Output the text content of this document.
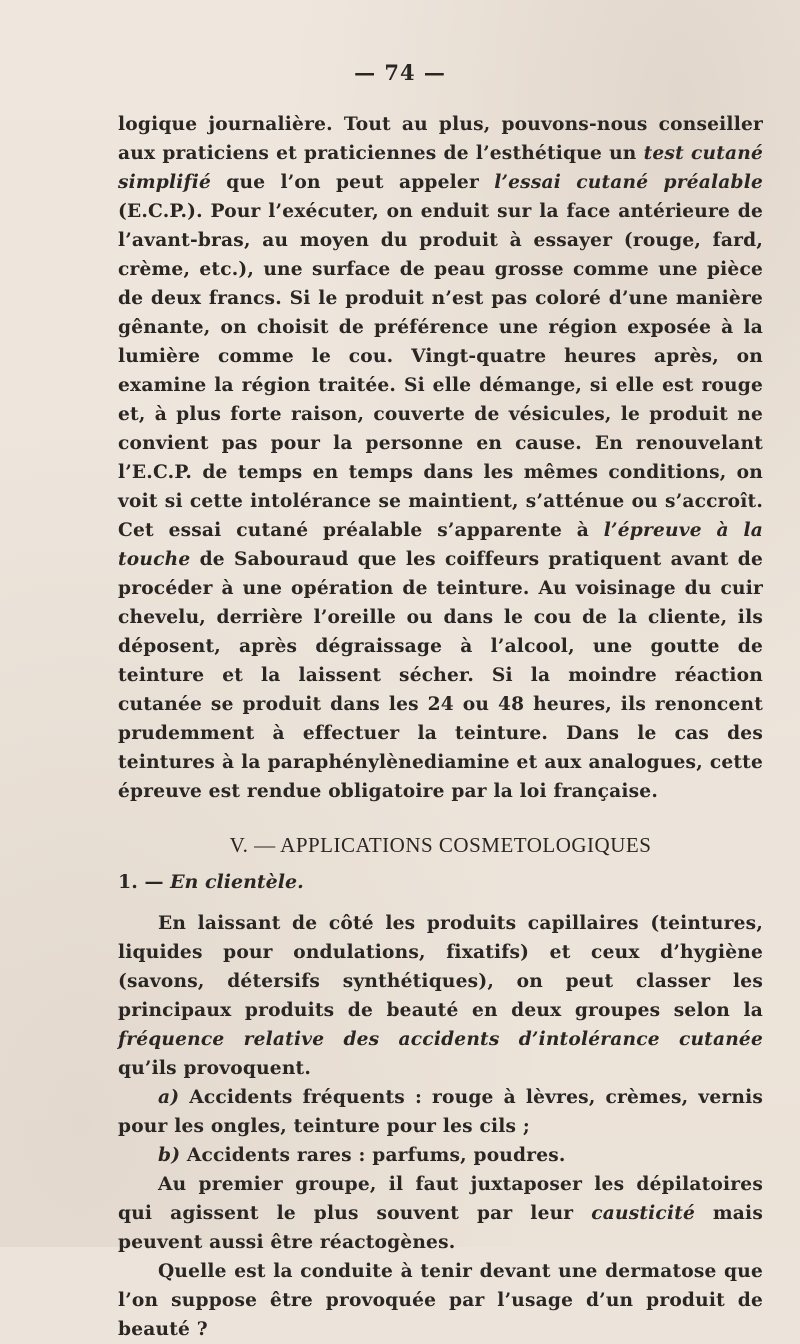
— 74 —

logique journalière. Tout au plus, pouvons-nous conseiller aux praticiens et praticiennes de l’esthétique un test cutané simplifié que l’on peut appeler l’essai cutané préalable (E.C.P.). Pour l’exécuter, on enduit sur la face antérieure de l’avant-bras, au moyen du produit à essayer (rouge, fard, crème, etc.), une surface de peau grosse comme une pièce de deux francs. Si le produit n’est pas coloré d’une manière gênante, on choisit de préférence une région exposée à la lumière comme le cou. Vingt-quatre heures après, on examine la région traitée. Si elle démange, si elle est rouge et, à plus forte raison, couverte de vésicules, le produit ne convient pas pour la personne en cause. En renouvelant l’E.C.P. de temps en temps dans les mêmes conditions, on voit si cette intolérance se maintient, s’atténue ou s’accroît. Cet essai cutané préalable s’apparente à l’épreuve à la touche de Sabouraud que les coiffeurs pratiquent avant de procéder à une opération de teinture. Au voisinage du cuir chevelu, derrière l’oreille ou dans le cou de la cliente, ils déposent, après dégraissage à l’alcool, une goutte de teinture et la laissent sécher. Si la moindre réaction cutanée se produit dans les 24 ou 48 heures, ils renoncent prudemment à effectuer la teinture. Dans le cas des teintures à la paraphénylènediamine et aux analogues, cette épreuve est rendue obligatoire par la loi française.

V. — APPLICATIONS COSMETOLOGIQUES
1. — En clientèle.

En laissant de côté les produits capillaires (teintures, liquides pour ondulations, fixatifs) et ceux d’hygiène (savons, détersifs synthétiques), on peut classer les principaux produits de beauté en deux groupes selon la fréquence relative des accidents d’intolérance cutanée qu’ils provoquent.

a) Accidents fréquents : rouge à lèvres, crèmes, vernis pour les ongles, teinture pour les cils ;

b) Accidents rares : parfums, poudres.

Au premier groupe, il faut juxtaposer les dépilatoires qui agissent le plus souvent par leur causticité mais peuvent aussi être réactogènes.

Quelle est la conduite à tenir devant une dermatose que l’on suppose être provoquée par l’usage d’un produit de beauté ?
